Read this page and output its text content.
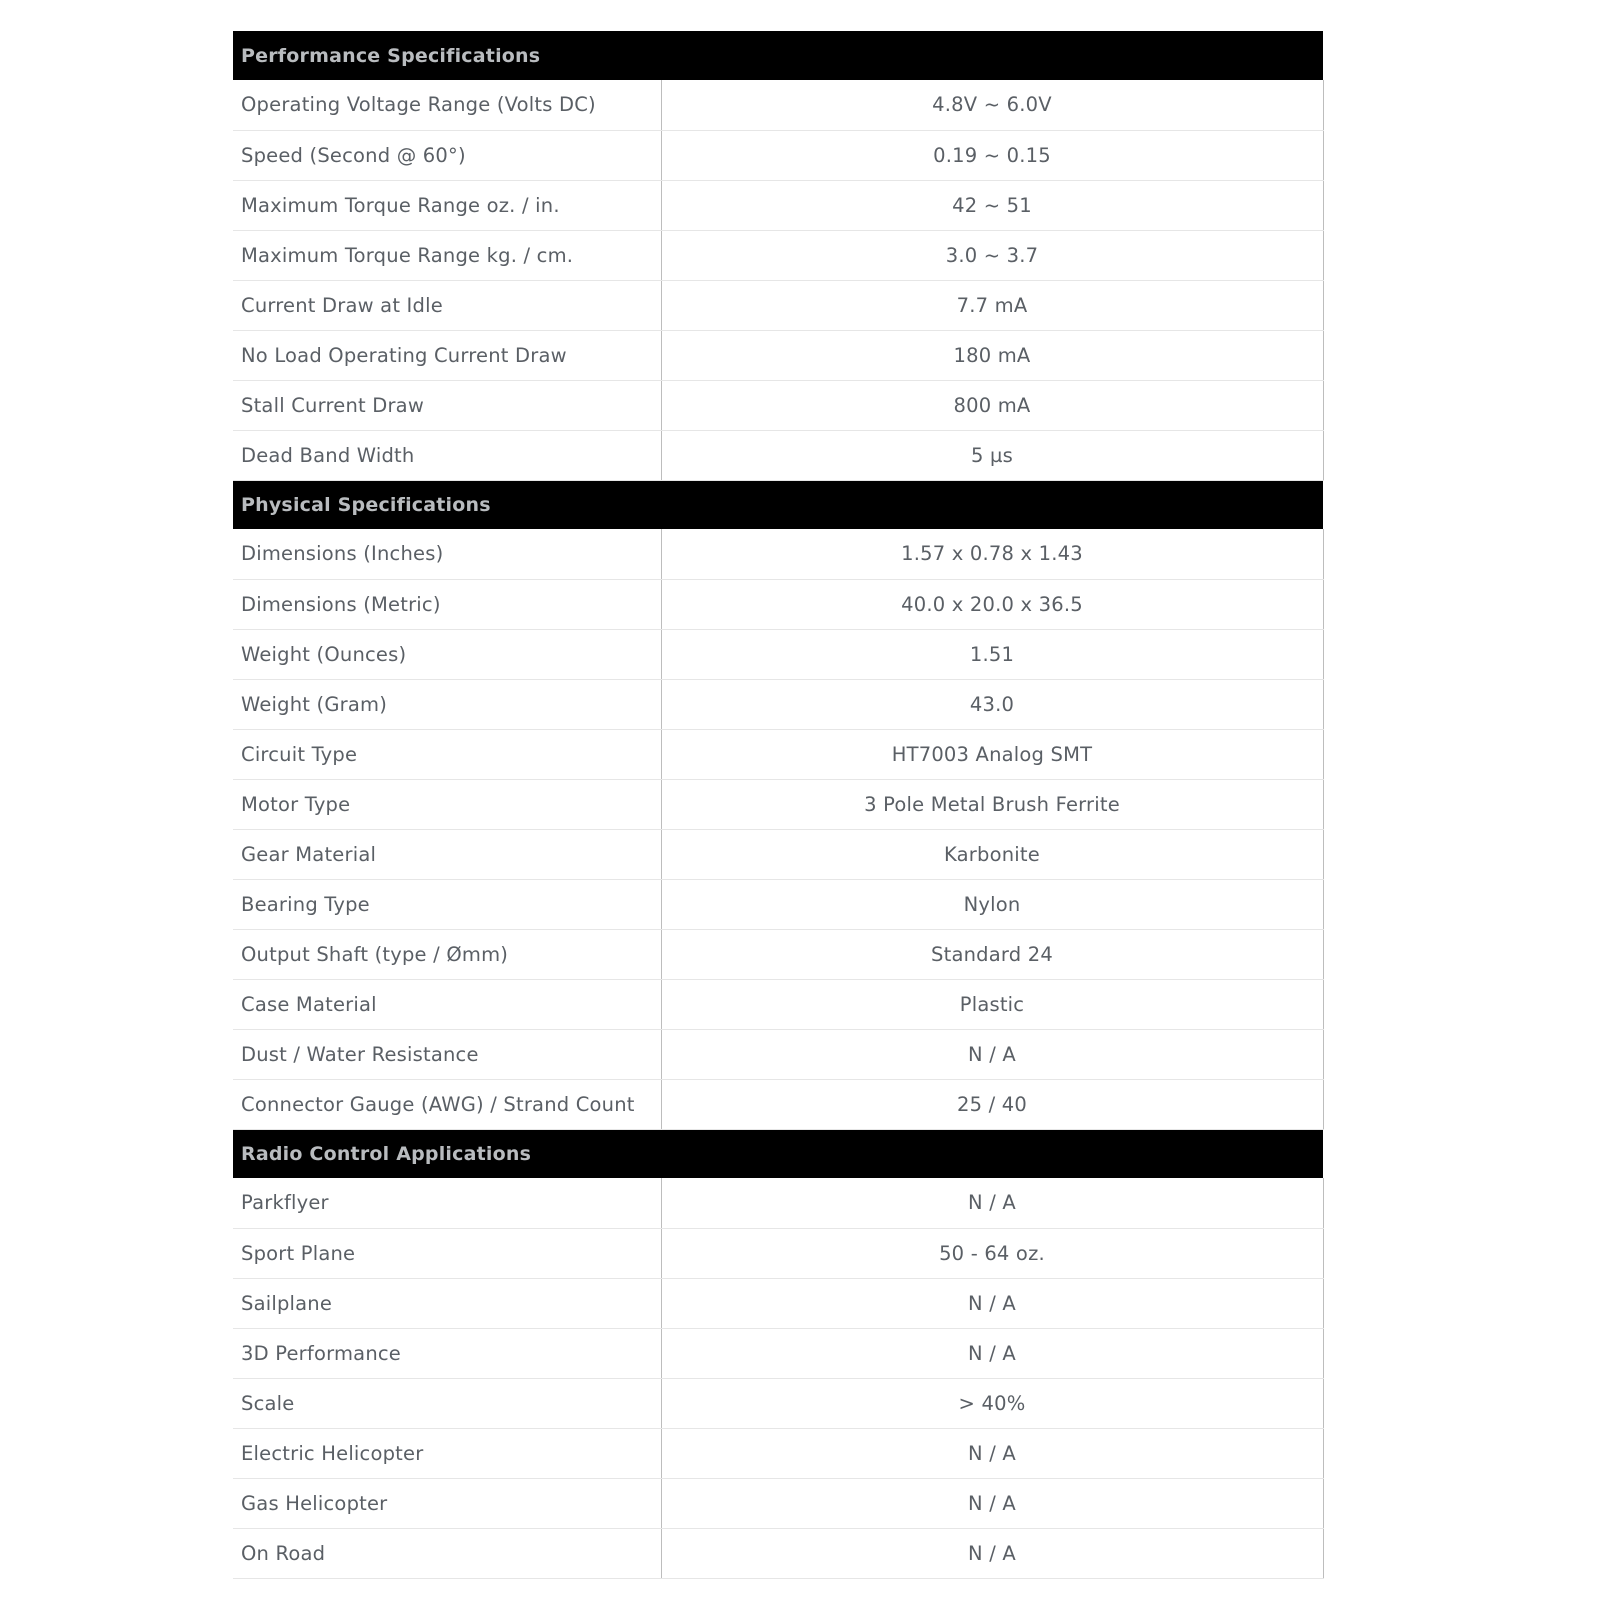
Performance Specifications	
Operating Voltage Range (Volts DC)	4.8V ~ 6.0V
Speed (Second @ 60°)	0.19 ~ 0.15
Maximum Torque Range oz. / in.	42 ~ 51
Maximum Torque Range kg. / cm.	3.0 ~ 3.7
Current Draw at Idle	7.7 mA
No Load Operating Current Draw	180 mA
Stall Current Draw	800 mA
Dead Band Width	5 µs
Physical Specifications	
Dimensions (Inches)	1.57 x 0.78 x 1.43
Dimensions (Metric)	40.0 x 20.0 x 36.5
Weight (Ounces)	1.51
Weight (Gram)	43.0
Circuit Type	HT7003 Analog SMT
Motor Type	3 Pole Metal Brush Ferrite
Gear Material	Karbonite
Bearing Type	Nylon
Output Shaft (type / Ømm)	Standard 24
Case Material	Plastic
Dust / Water Resistance	N / A
Connector Gauge (AWG) / Strand Count	25 / 40
Radio Control Applications	
Parkflyer	N / A
Sport Plane	50 - 64 oz.
Sailplane	N / A
3D Performance	N / A
Scale	> 40%
Electric Helicopter	N / A
Gas Helicopter	N / A
On Road	N / A
